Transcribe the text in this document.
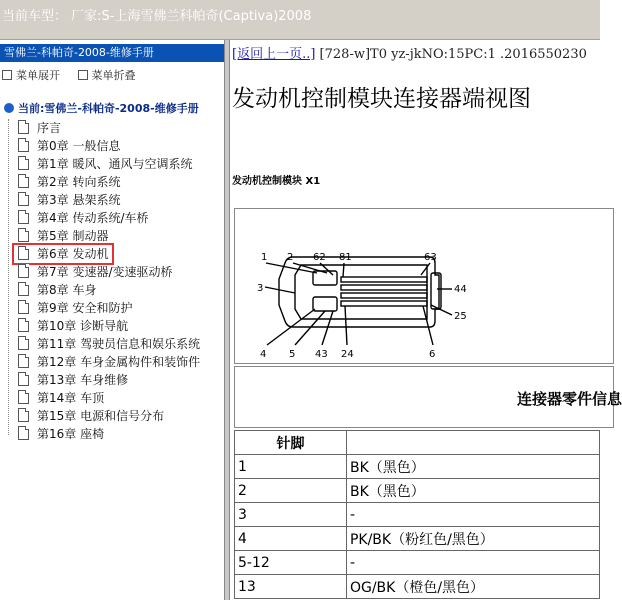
当前车型： 厂家:S-上海雪佛兰科帕奇(Captiva)2008
雪佛兰-科帕奇-2008-维修手册
菜单展开	菜单折叠
当前:雪佛兰-科帕奇-2008-维修手册
序言
第0章 一般信息
第1章 暖风、通风与空调系统
第2章 转向系统
第3章 悬架系统
第4章 传动系统/车桥
第5章 制动器
第6章 发动机
第7章 变速器/变速驱动桥
第8章 车身
第9章 安全和防护
第10章 诊断导航
第11章 驾驶员信息和娱乐系统
第12章 车身金属构件和装饰件
第13章 车身维修
第14章 车顶
第15章 电源和信号分布
第16章 座椅
[返回上一页..] [728-w]T0 yz-jkNO:15PC:1 .2016550230
发动机控制模块连接器端视图
发动机控制模块 X1
1 2 62 81	63
3	44
25
4 5 43 24	6
连接器零件信息
针脚	
1	BK（黑色）
2	BK（黑色）
3	-
4	PK/BK（粉红色/黑色）
5-12	-
13	OG/BK（橙色/黑色）
